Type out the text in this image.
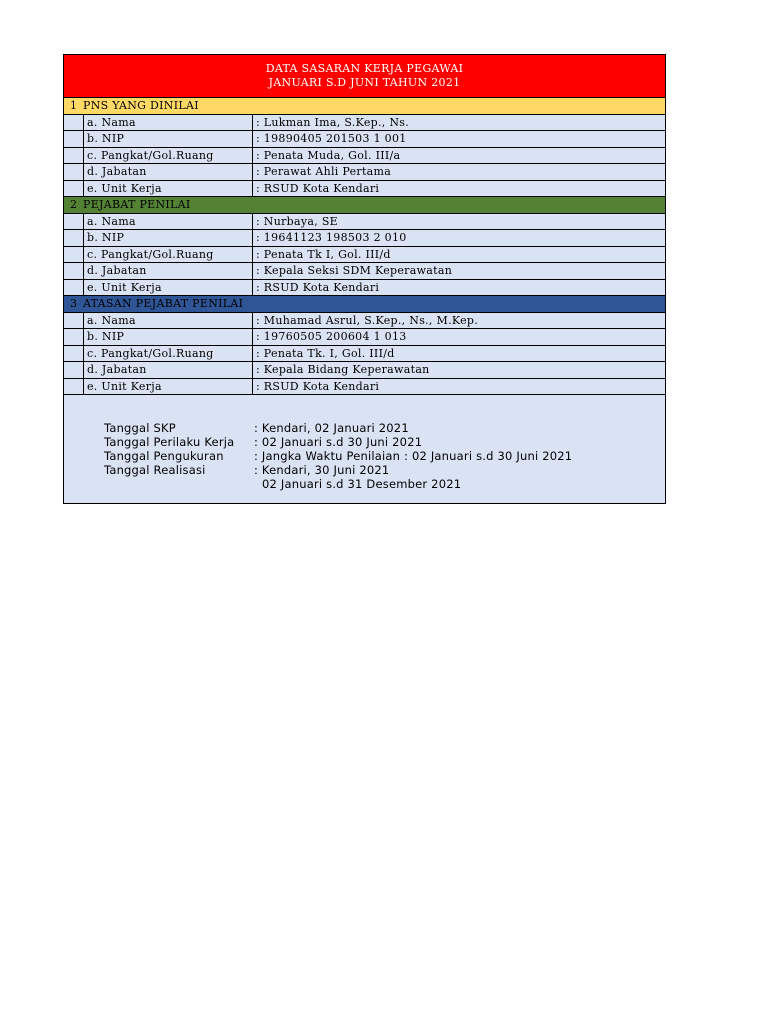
DATA SASARAN KERJA PEGAWAI
JANUARI S.D JUNI TAHUN 2021
1 PNS YANG DINILAI
a. Nama	: Lukman Ima, S.Kep., Ns.
b. NIP	: 19890405 201503 1 001
c. Pangkat/Gol.Ruang	: Penata Muda, Gol. III/a
d. Jabatan	: Perawat Ahli Pertama
e. Unit Kerja	: RSUD Kota Kendari
2 PEJABAT PENILAI
a. Nama	: Nurbaya, SE
b. NIP	: 19641123 198503 2 010
c. Pangkat/Gol.Ruang	: Penata Tk I, Gol. III/d
d. Jabatan	: Kepala Seksi SDM Keperawatan
e. Unit Kerja	: RSUD Kota Kendari
3 ATASAN PEJABAT PENILAI
a. Nama	: Muhamad Asrul, S.Kep., Ns., M.Kep.
b. NIP	: 19760505 200604 1 013
c. Pangkat/Gol.Ruang	: Penata Tk. I, Gol. III/d
d. Jabatan	: Kepala Bidang Keperawatan
e. Unit Kerja	: RSUD Kota Kendari
Tanggal SKP	: Kendari, 02 Januari 2021
Tanggal Perilaku Kerja : 02 Januari s.d 30 Juni 2021
Tanggal Pengukuran	: Jangka Waktu Penilaian : 02 Januari s.d 30 Juni 2021
Tanggal Realisasi	: Kendari, 30 Juni 2021
02 Januari s.d 31 Desember 2021
